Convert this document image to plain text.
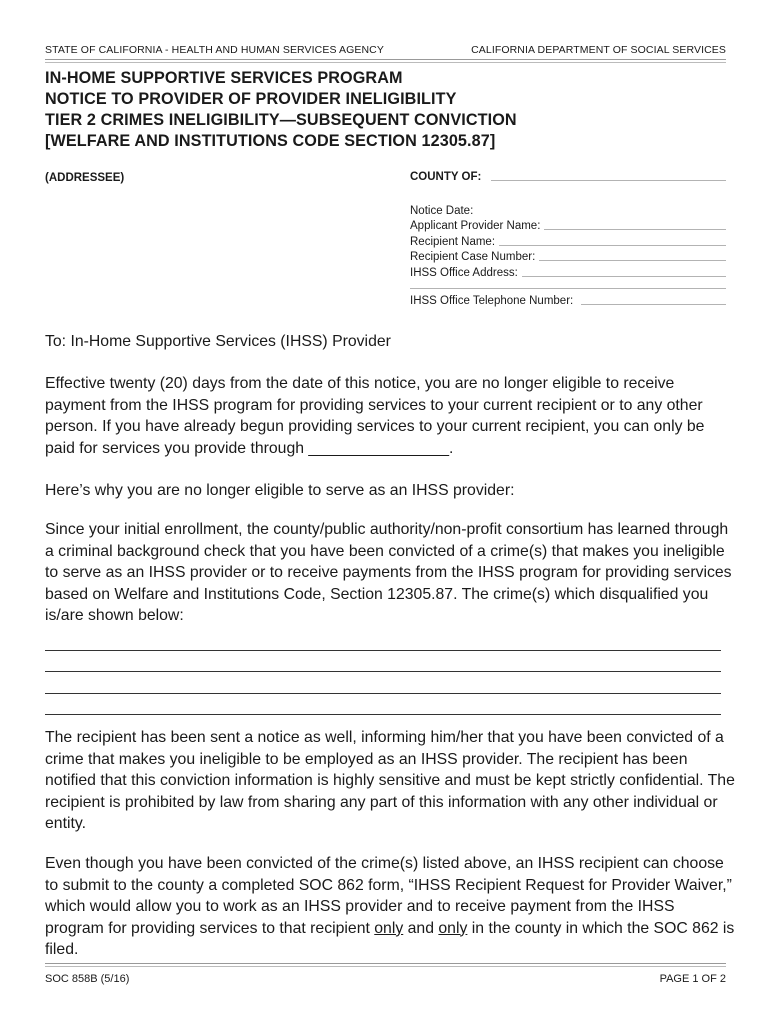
STATE OF CALIFORNIA - HEALTH AND HUMAN SERVICES AGENCY	CALIFORNIA DEPARTMENT OF SOCIAL SERVICES
IN-HOME SUPPORTIVE SERVICES PROGRAM
NOTICE TO PROVIDER OF PROVIDER INELIGIBILITY
TIER 2 CRIMES INELIGIBILITY—SUBSEQUENT CONVICTION
[WELFARE AND INSTITUTIONS CODE SECTION 12305.87]
(ADDRESSEE)	COUNTY OF:
Notice Date:
Applicant Provider Name:
Recipient Name:
Recipient Case Number:
IHSS Office Address:
IHSS Office Telephone Number:
To: In-Home Supportive Services (IHSS) Provider
Effective twenty (20) days from the date of this notice, you are no longer eligible to receive payment from the IHSS program for providing services to your current recipient or to any other person. If you have already begun providing services to your current recipient, you can only be paid for services you provide through ________________.
Here’s why you are no longer eligible to serve as an IHSS provider:
Since your initial enrollment, the county/public authority/non-profit consortium has learned through a criminal background check that you have been convicted of a crime(s) that makes you ineligible to serve as an IHSS provider or to receive payments from the IHSS program for providing services based on Welfare and Institutions Code, Section 12305.87. The crime(s) which disqualified you is/are shown below:
The recipient has been sent a notice as well, informing him/her that you have been convicted of a crime that makes you ineligible to be employed as an IHSS provider. The recipient has been notified that this conviction information is highly sensitive and must be kept strictly confidential. The recipient is prohibited by law from sharing any part of this information with any other individual or entity.
Even though you have been convicted of the crime(s) listed above, an IHSS recipient can choose to submit to the county a completed SOC 862 form, “IHSS Recipient Request for Provider Waiver,” which would allow you to work as an IHSS provider and to receive payment from the IHSS program for providing services to that recipient only and only in the county in which the SOC 862 is filed.
SOC 858B (5/16)	PAGE 1 OF 2
